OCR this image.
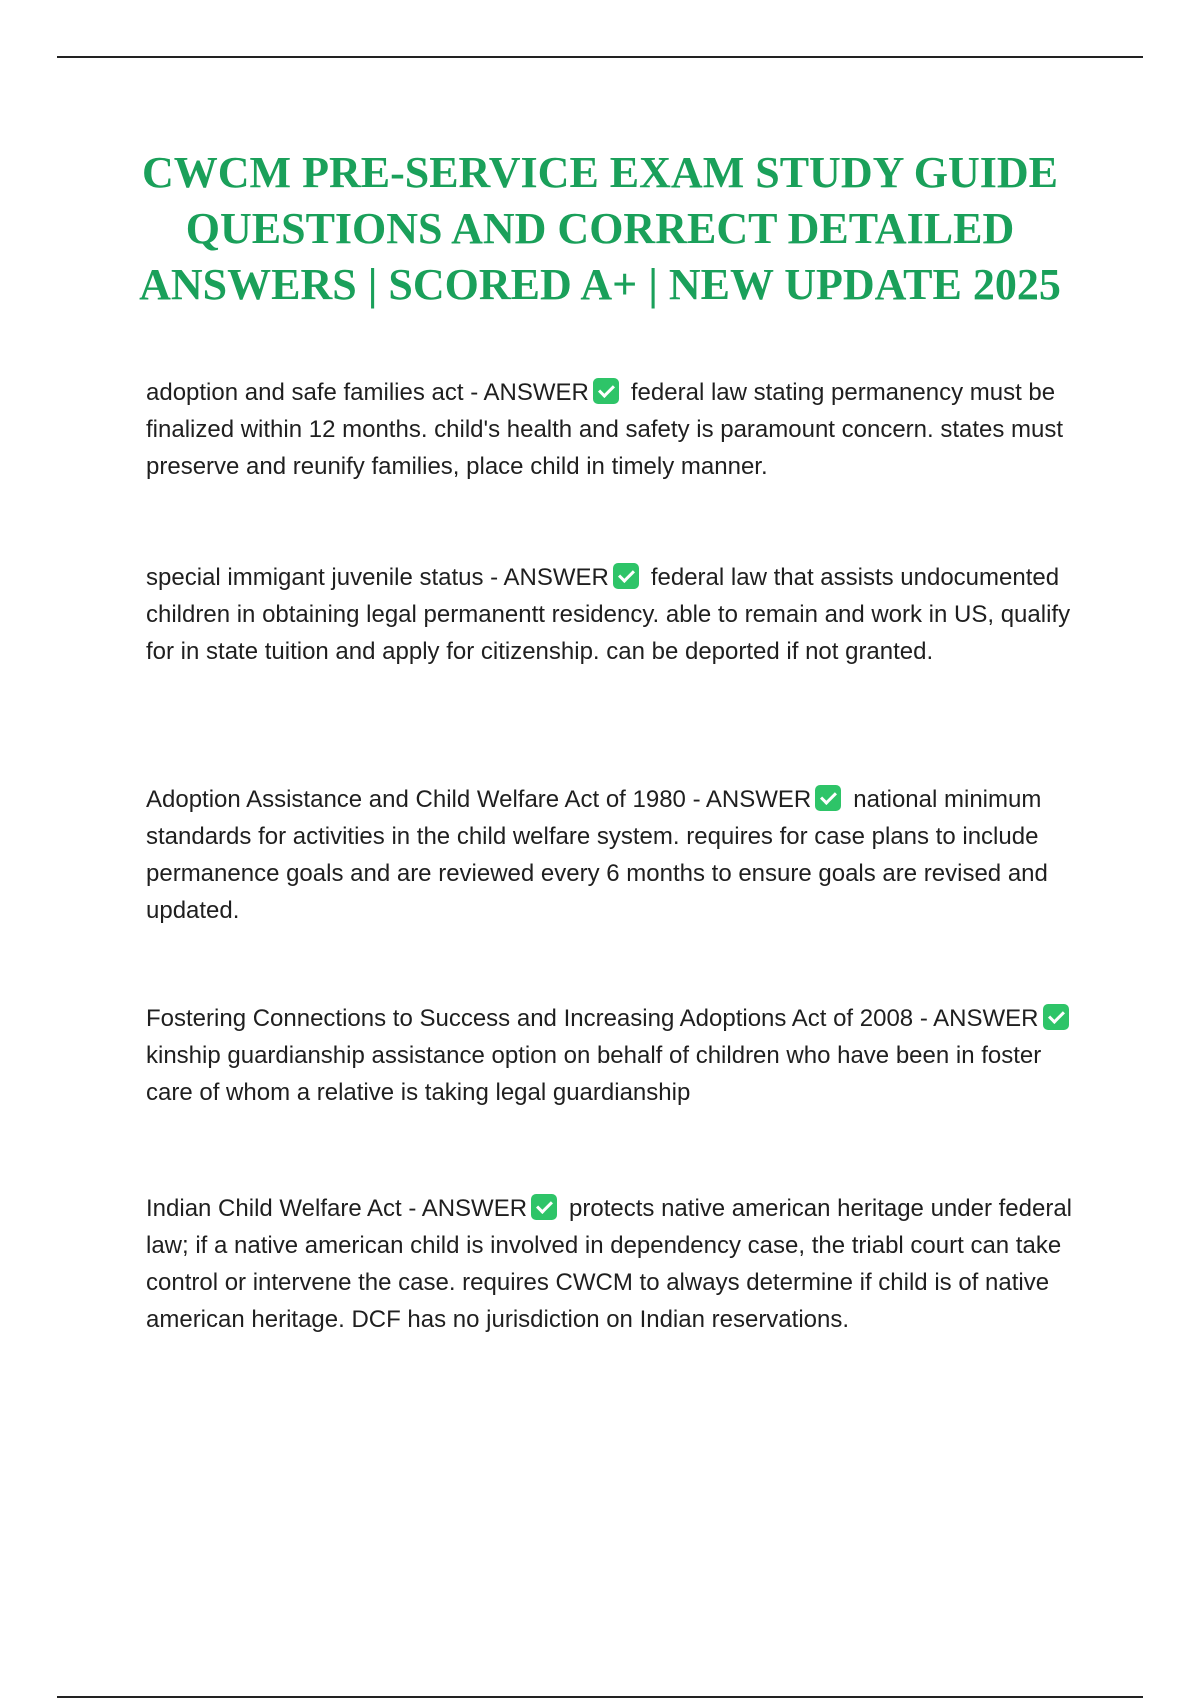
CWCM PRE-SERVICE EXAM STUDY GUIDE
QUESTIONS AND CORRECT DETAILED
ANSWERS | SCORED A+ | NEW UPDATE 2025

adoption and safe families act - ANSWER federal law stating permanency must be finalized within 12 months. child's health and safety is paramount concern. states must preserve and reunify families, place child in timely manner.

special immigant juvenile status - ANSWER federal law that assists undocumented children in obtaining legal permanentt residency. able to remain and work in US, qualify for in state tuition and apply for citizenship. can be deported if not granted.

Adoption Assistance and Child Welfare Act of 1980 - ANSWER national minimum standards for activities in the child welfare system. requires for case plans to include permanence goals and are reviewed every 6 months to ensure goals are revised and updated.

Fostering Connections to Success and Increasing Adoptions Act of 2008 - ANSWERkinship guardianship assistance option on behalf of children who have been in foster care of whom a relative is taking legal guardianship

Indian Child Welfare Act - ANSWER protects native american heritage under federal law; if a native american child is involved in dependency case, the triabl court can take control or intervene the case. requires CWCM to always determine if child is of native american heritage. DCF has no jurisdiction on Indian reservations.
